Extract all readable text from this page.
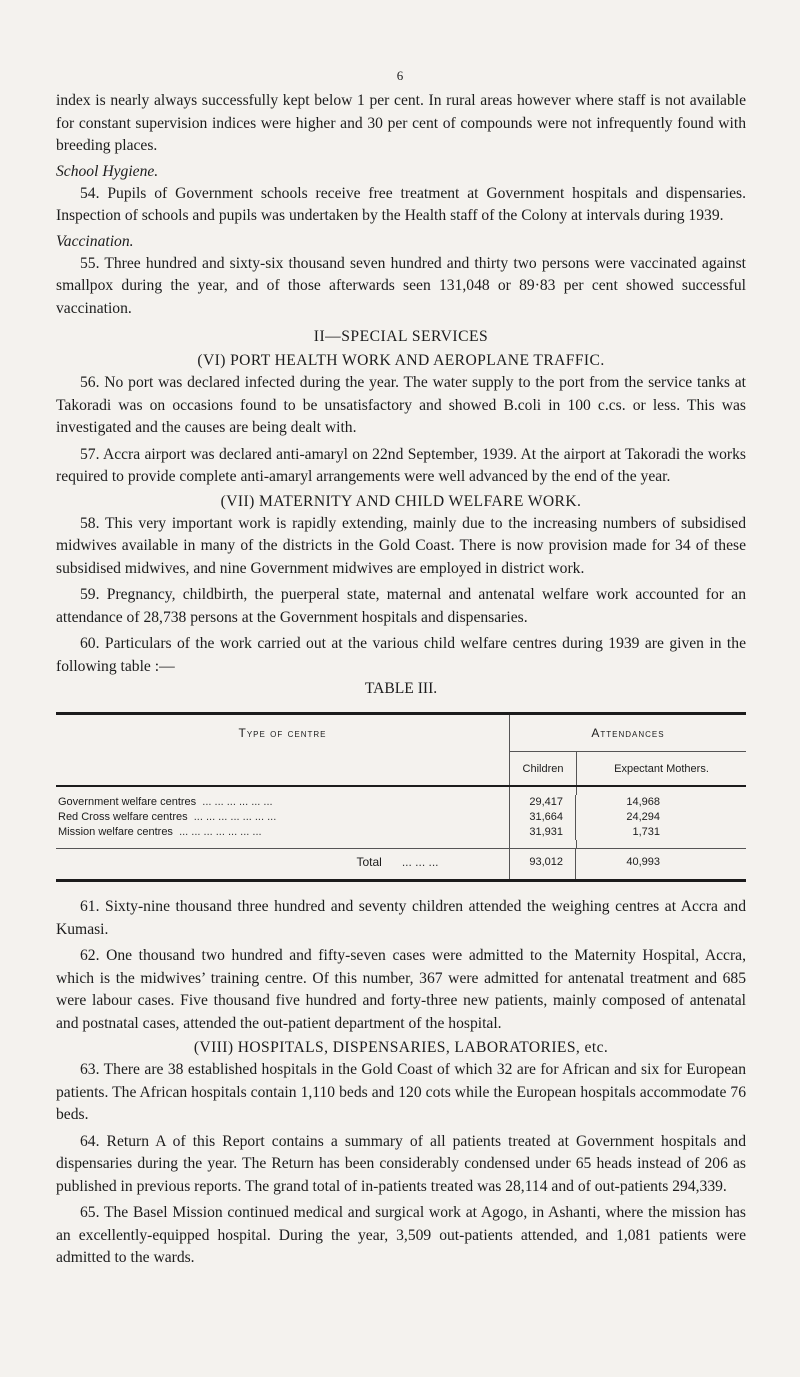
6

index is nearly always successfully kept below 1 per cent. In rural areas however where staff is not available for constant supervision indices were higher and 30 per cent of compounds were not infrequently found with breeding places.

School Hygiene.

54. Pupils of Government schools receive free treatment at Government hospitals and dispensaries. Inspection of schools and pupils was undertaken by the Health staff of the Colony at intervals during 1939.

Vaccination.

55. Three hundred and sixty-six thousand seven hundred and thirty two persons were vaccinated against smallpox during the year, and of those afterwards seen 131,048 or 89·83 per cent showed successful vaccination.

II—SPECIAL SERVICES
(VI) PORT HEALTH WORK AND AEROPLANE TRAFFIC.

56. No port was declared infected during the year. The water supply to the port from the service tanks at Takoradi was on occasions found to be unsatisfactory and showed B.coli in 100 c.cs. or less. This was investigated and the causes are being dealt with.

57. Accra airport was declared anti-amaryl on 22nd September, 1939. At the airport at Takoradi the works required to provide complete anti-amaryl arrangements were well advanced by the end of the year.

(VII) MATERNITY AND CHILD WELFARE WORK.

58. This very important work is rapidly extending, mainly due to the increasing numbers of subsidised midwives available in many of the districts in the Gold Coast. There is now provision made for 34 of these subsidised midwives, and nine Government midwives are employed in district work.

59. Pregnancy, childbirth, the puerperal state, maternal and antenatal welfare work accounted for an attendance of 28,738 persons at the Government hospitals and dispensaries.

60. Particulars of the work carried out at the various child welfare centres during 1939 are given in the following table :—

TABLE III.
Type of centre	Attendances
Children	Expectant Mothers.
Government welfare centres ... ... ... ... ... ...	29,417	14,968
Red Cross welfare centres ... ... ... ... ... ... ...	31,664	24,294
Mission welfare centres ... ... ... ... ... ... ...	31,931	1,731
Total ... ... ...	93,012	40,993

61. Sixty-nine thousand three hundred and seventy children attended the weighing centres at Accra and Kumasi.

62. One thousand two hundred and fifty-seven cases were admitted to the Maternity Hospital, Accra, which is the midwives’ training centre. Of this number, 367 were admitted for antenatal treatment and 685 were labour cases. Five thousand five hundred and forty-three new patients, mainly composed of antenatal and postnatal cases, attended the out-patient department of the hospital.

(VIII) HOSPITALS, DISPENSARIES, LABORATORIES, etc.

63. There are 38 established hospitals in the Gold Coast of which 32 are for African and six for European patients. The African hospitals contain 1,110 beds and 120 cots while the European hospitals accommodate 76 beds.

64. Return A of this Report contains a summary of all patients treated at Government hospitals and dispensaries during the year. The Return has been considerably condensed under 65 heads instead of 206 as published in previous reports. The grand total of in-patients treated was 28,114 and of out-patients 294,339.

65. The Basel Mission continued medical and surgical work at Agogo, in Ashanti, where the mission has an excellently-equipped hospital. During the year, 3,509 out-patients attended, and 1,081 patients were admitted to the wards.
